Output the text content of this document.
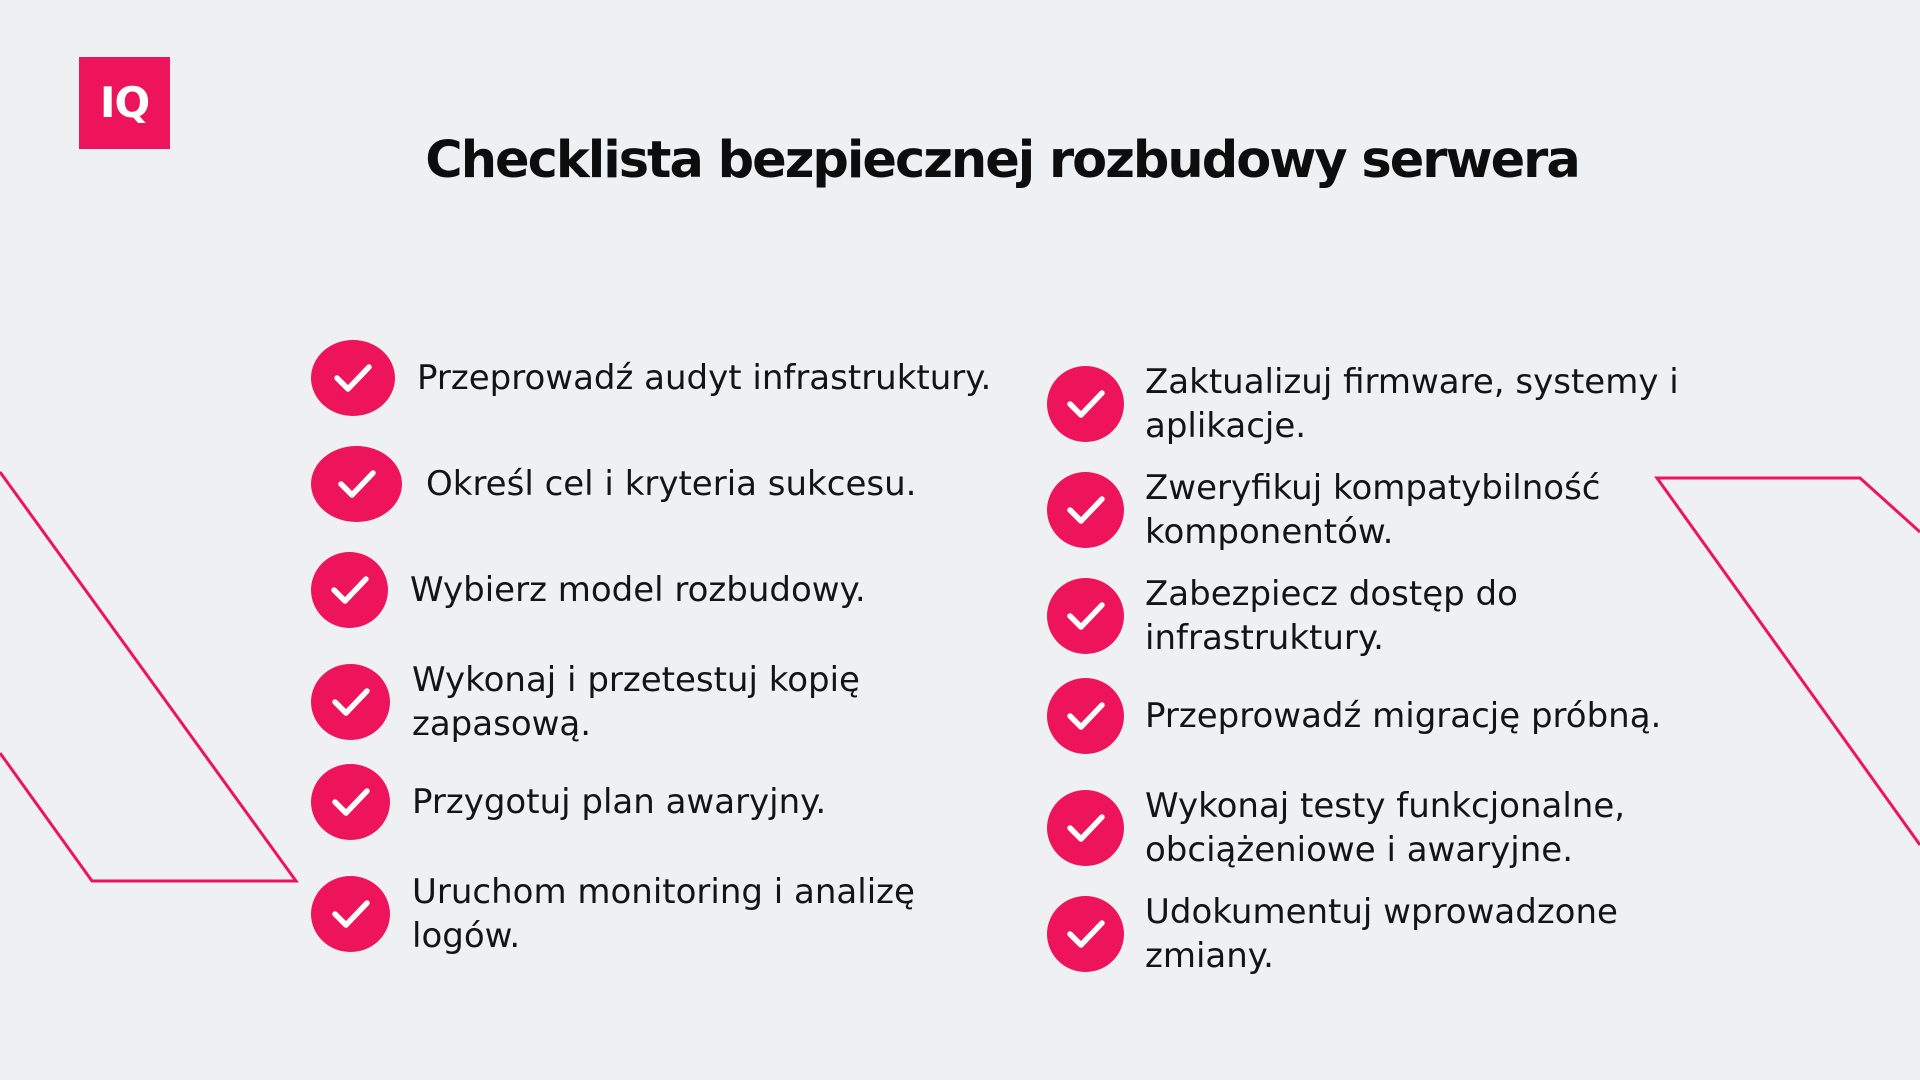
IQ
Checklista bezpiecznej rozbudowy serwera
Przeprowadź audyt infrastruktury.
Określ cel i kryteria sukcesu.
Wybierz model rozbudowy.
Wykonaj i przetestuj kopię zapasową.
Przygotuj plan awaryjny.
Uruchom monitoring i analizę logów.
Zaktualizuj firmware, systemy i aplikacje.
Zweryfikuj kompatybilność komponentów.
Zabezpiecz dostęp do infrastruktury.
Przeprowadź migrację próbną.
Wykonaj testy funkcjonalne, obciążeniowe i awaryjne.
Udokumentuj wprowadzone zmiany.
